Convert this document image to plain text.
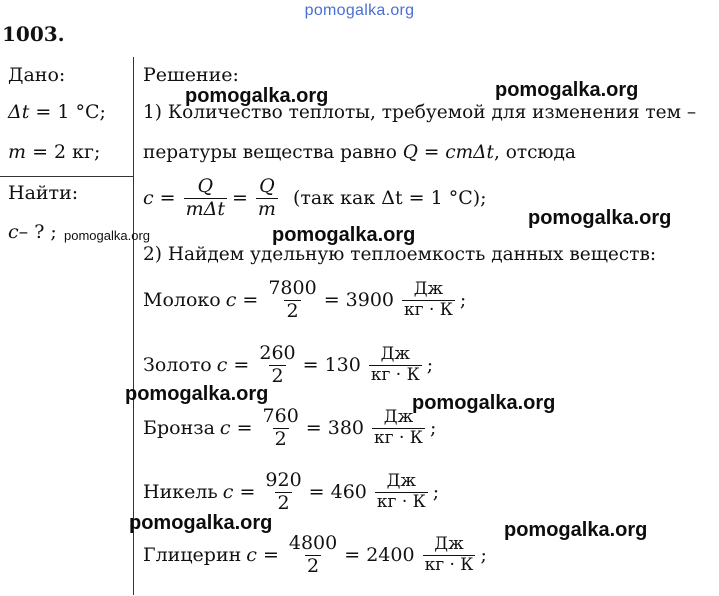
pomogalka.org
1003.
Дано:
Δt = 1 °C;
m = 2 кг;
Найти:
c– ? ; pomogalka.org
Решение:
1) Количество теплоты, требуемой для изменения тем –
пературы вещества равно Q = cmΔt, отсюда
$c = \frac{Q}{\text{mΔt}} = \frac{Q}{m} (так$ как Δt = 1 °C);
2) Найдем удельную теплоемкость данных веществ:
Молоко $c = \frac{7800}{2} = 3900 \frac{Дж}{кг \cdot К}$ ;
Золото $c = \frac{260}{2} = 130 \frac{Дж}{кг \cdot К}$ ;
Бронза $c = \frac{760}{2} = 380 \frac{Дж}{кг \cdot К}$ ;
Никель $c = \frac{920}{2} = 460 \frac{Дж}{кг \cdot К}$ ;
Глицерин $c = \frac{4800}{2} = 2400 \frac{Дж}{кг \cdot К}$ ;
pomogalka.org
pomogalka.org
pomogalka.org
pomogalka.org
pomogalka.org	pomogalka.org
pomogalka.org	pomogalka.org
